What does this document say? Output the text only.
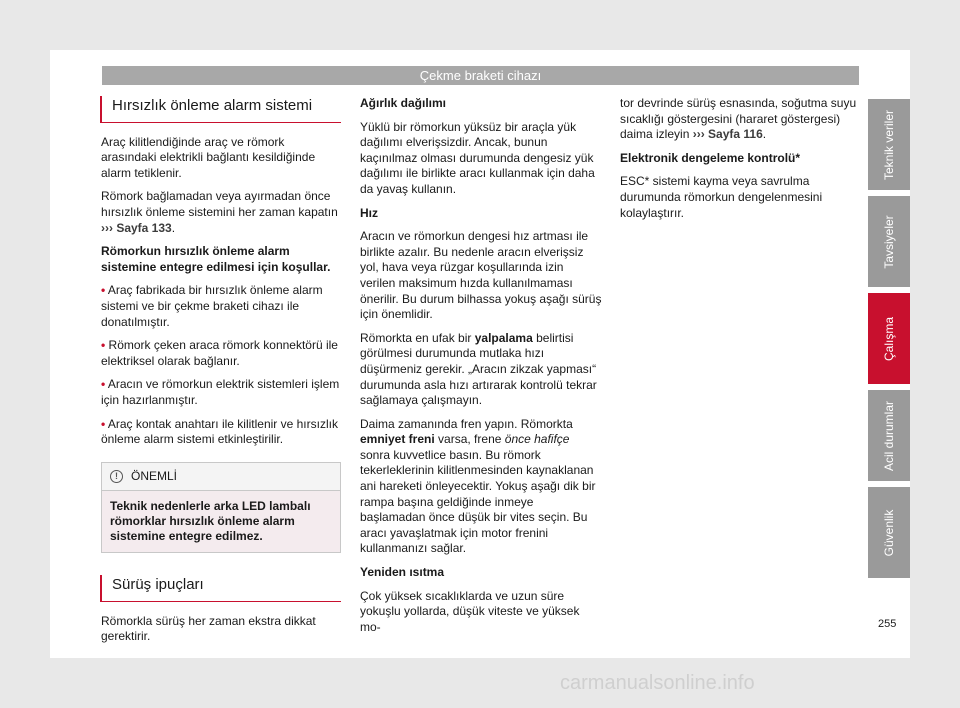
Çekme braketi cihazı
Hırsızlık önleme alarm sistemi

Araç kilitlendiğinde araç ve römork arasındaki elektrikli bağlantı kesildiğinde alarm tetiklenir.

Römork bağlamadan veya ayırmadan önce hırsızlık önleme sistemini her zaman kapatın ››› Sayfa 133.

Römorkun hırsızlık önleme alarm sistemine entegre edilmesi için koşullar.

• Araç fabrikada bir hırsızlık önleme alarm sistemi ve bir çekme braketi cihazı ile donatılmıştır.

• Römork çeken araca römork konnektörü ile elektriksel olarak bağlanır.

• Aracın ve römorkun elektrik sistemleri işlem için hazırlanmıştır.

• Araç kontak anahtarı ile kilitlenir ve hırsızlık önleme alarm sistemi etkinleştirilir.

!	ÖNEMLİ
Teknik nedenlerle arka LED lambalı römorklar hırsızlık önleme alarm sistemine entegre edilmez.
Sürüş ipuçları

Römorkla sürüş her zaman ekstra dikkat gerektirir.

Ağırlık dağılımı

Yüklü bir römorkun yüksüz bir araçla yük dağılımı elverişsizdir. Ancak, bunun kaçınılmaz olması durumunda dengesiz yük dağılımı ile birlikte aracı kullanmak için daha da yavaş kullanın.

Hız

Aracın ve römorkun dengesi hız artması ile birlikte azalır. Bu nedenle aracın elverişsiz yol, hava veya rüzgar koşullarında izin verilen maksimum hızda kullanılmaması önerilir. Bu durum bilhassa yokuş aşağı sürüş için önemlidir.

Römorkta en ufak bir yalpalama belirtisi görülmesi durumunda mutlaka hızı düşürmeniz gerekir. „Aracın zikzak yapması“ durumunda asla hızı artırarak kontrolü tekrar sağlamaya çalışmayın.

Daima zamanında fren yapın. Römorkta emniyet freni varsa, frene önce hafifçe sonra kuvvetlice basın. Bu römork tekerleklerinin kilitlenmesinden kaynaklanan ani hareketi önleyecektir. Yokuş aşağı dik bir rampa başına geldiğinde inmeye başlamadan önce düşük bir vites seçin. Bu aracı yavaşlatmak için motor frenini kullanmanızı sağlar.

Yeniden ısıtma

Çok yüksek sıcaklıklarda ve uzun süre yokuşlu yollarda, düşük viteste ve yüksek mo-

tor devrinde sürüş esnasında, soğutma suyu sıcaklığı göstergesini (hararet göstergesi) daima izleyin ››› Sayfa 116.

Elektronik dengeleme kontrolü*

ESC* sistemi kayma veya savrulma durumunda römorkun dengelenmesini kolaylaştırır.

Teknik veriler
Tavsiyeler
Çalışma
Acil durumlar
Güvenlik
255
carmanualsonline.info
